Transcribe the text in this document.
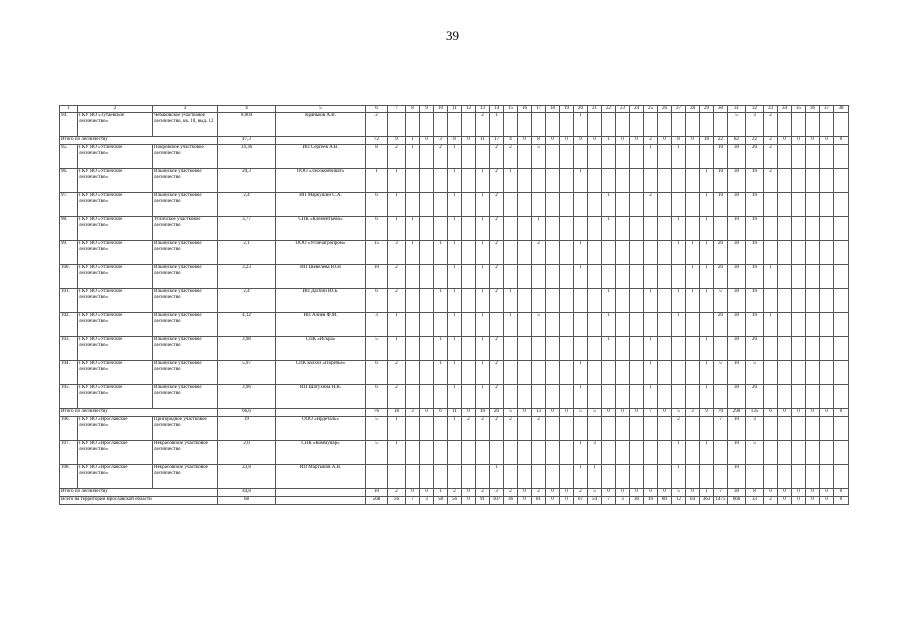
39
1	2	3	4	5	6	7	8	9	10	11	12	13	14	15	16	17	18	19	20	21	22	23	24	25	26	27	28	29	30	31	32	33	34	35	36	37	38
94.	ГКУ ЯО «Тутаевское лесничество»	Чебаковское участковое лесничество, кв. 10, выд. 12	0,004	Краньков А.В.	2							2	1						1											5	3	2					
Итого по лесничеству			47,3		72	9	1	0	3	8	0	11	17	4	0	8	0	0	9	0	1	0	0	2	0	8	0	18	22	82	22	2	0	0	0	0	0
95.	ГКУ ЯО «Угличское лесничество»	Покровское участковое лесничество	14,36	ИП Сергеев А.В.	8	2	1		2	1			2	2		5								1		1			10	30	20	2					
96.	ГКУ ЯО «Угличское лесничество»	Ильинское участковое лесничество	20,3	ООО «Лесокомбинат»	1	1				1		1	2	1					1									1	10	30	10	2					
97.	ГКУ ЯО «Угличское лесничество»	Ильинское участковое лесничество	2,4	ИП Маркушин С.А.	6	1				1		1	2								1			2				1	10	30	10						
98.	ГКУ ЯО «Угличское лесничество»	Угличское участковое лесничество	3,77	СПК «Клементьево»	6	1	1			1		1	2			1					1					1		1		10	10						
99.	ГКУ ЯО «Угличское лесничество»	Ильинское участковое лесничество	2,1	ООО «Угличагропром»	15	3	1		1	1		1	2			2			1							1	1	1	20	30	10						
100.	ГКУ ЯО «Угличское лесничество»	Ильинское участковое лесничество	3,23	ИП Шевелева Ю.Н	10	2				1		1	2						1								1	1	20	30	10	1					
101.	ГКУ ЯО «Угличское лесничество»	Ильинское участковое лесничество	2,4	ИП Дасбин Ю.Б.	6	2			1	1		1	2	1							1			1		1	1	1	5	30	10						
102.	ГКУ ЯО «Угличское лесничество»	Ильинское участковое лесничество	4,12	ИП Алиев Ф.М.	3	1				1		1		1		5					1					1			20	30	10	1					
103.	ГКУ ЯО «Угличское лесничество»	Ильинское участковое лесничество	3,98	СПК «Искра»	5	1			1	1		1	2								1			1				1		30	20						
104.	ГКУ ЯО «Угличское лесничество»	Ильинское участковое лесничество	5,97	СПК колхоз «Поречье»	6	2			1	1		1	2						1					1				1	5	10	5						
105.	ГКУ ЯО «Угличское лесничество»	Ильинское участковое лесничество	3,96	ИП Шатухина Н.В.	6	2				1		1	2						1					1				1		30	20						
Итого по лесничеству			66,6		76	18	3	0	6	11	0	10	20	5	0	13	0	0	5	5	0	0	0	7	0	5	3	9	70	290	135	6	0	0	0	0	0
106.	ГКУ ЯО «Ярославское лесничество»	Пригородное участковое лесничество	19	ООО «Ярдеталь»	5	1				1	2	2	2	2		2										2			7	10	3						
107.	ГКУ ЯО «Ярославское лесничество»	Некрасовское участковое лесничество	2,0	СПК «Коммунар»	5	1													1	3						1		1		10	5						
108.	ГКУ ЯО «Ярославское лесничество»	Некрасовское участковое лесничество	23,8	ИП Мартынов А.В.									1						1	1						1				10							
Итого по лесничеству			44,8		10	2	0	0	1	2	0	2	3	2	0	2	0	0	2	5	0	0	0	0	0	5	0	1	7	30	8	0	0	0	0	0	0
Всего на территории Ярославской области			68		568	56	7	3	58	56	0	91	107	36	0	81	0	0	67	54	7	3	36	10	80	12	64	363	1475	666	33	2	0	0	0	0	0
